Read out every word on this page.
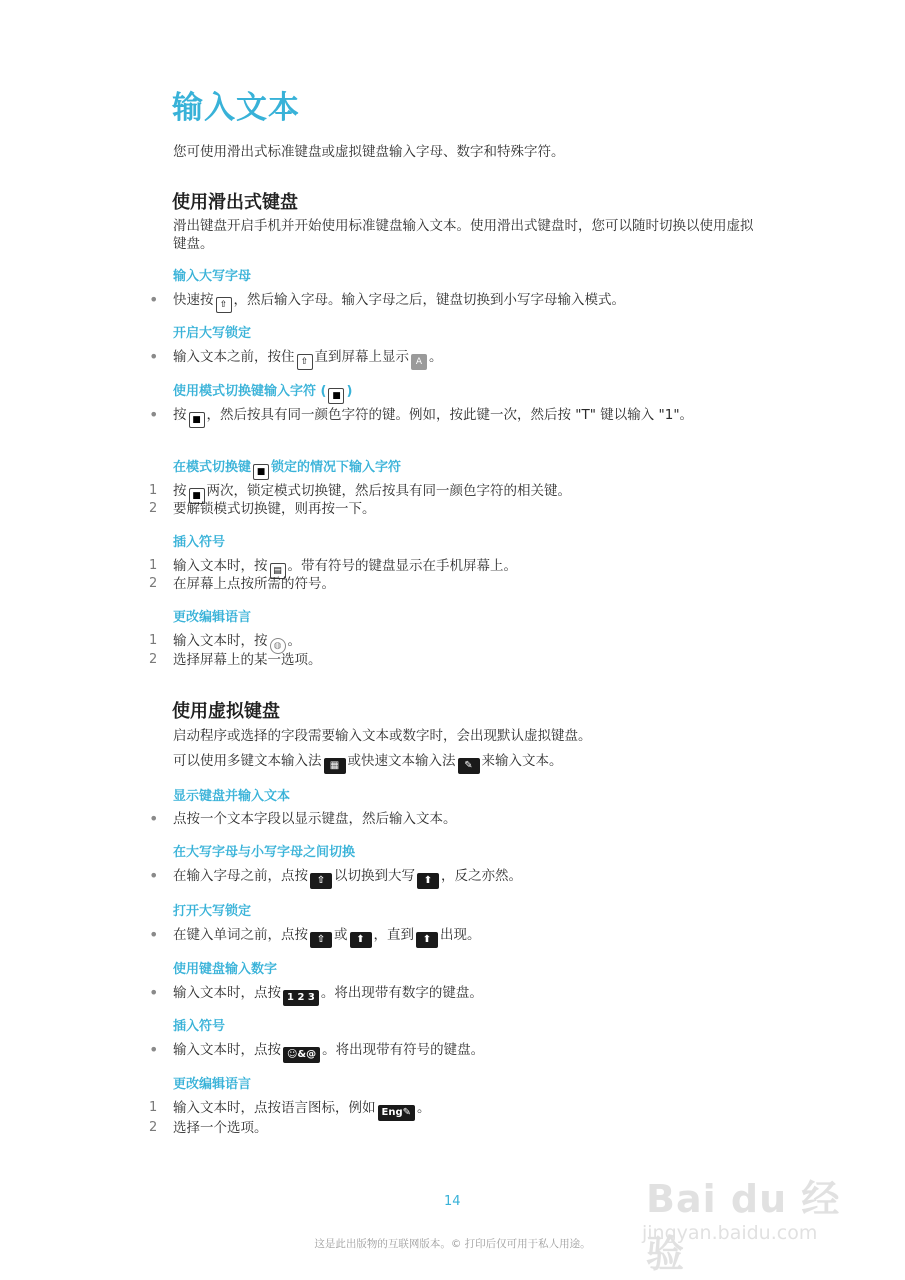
输入文本
您可使用滑出式标准键盘或虚拟键盘输入字母、数字和特殊字符。
使用滑出式键盘
滑出键盘开启手机并开始使用标准键盘输入文本。使用滑出式键盘时，您可以随时切换以使用虚拟键盘。
输入大写字母
•	快速按 ⇧ ，然后输入字母。输入字母之后，键盘切换到小写字母输入模式。
开启大写锁定
•	输入文本之前，按住 ⇧ 直到屏幕上显示 A 。
使用模式切换键输入字符 ( ■ )
•	按 ■ ，然后按具有同一颜色字符的键。例如，按此键一次，然后按 "T" 键以输入 "1"。
在模式切换键 ■ 锁定的情况下输入字符
1	按 ■ 两次，锁定模式切换键，然后按具有同一颜色字符的相关键。
2	要解锁模式切换键，则再按一下。
插入符号
1	输入文本时，按 ▤ 。带有符号的键盘显示在手机屏幕上。
2	在屏幕上点按所需的符号。
更改编辑语言
1	输入文本时，按 ◍ 。
2	选择屏幕上的某一选项。
使用虚拟键盘
启动程序或选择的字段需要输入文本或数字时，会出现默认虚拟键盘。
可以使用多键文本输入法 ▦ 或快速文本输入法 ✎ 来输入文本。
显示键盘并输入文本
•	点按一个文本字段以显示键盘，然后输入文本。
在大写字母与小写字母之间切换
•	在输入字母之前，点按 ⇧ 以切换到大写 ⬆ ，反之亦然。
打开大写锁定
•	在键入单词之前，点按 ⇧ 或 ⬆ ，直到 ⬆ 出现。
使用键盘输入数字
•	输入文本时，点按 1 2 3 。将出现带有数字的键盘。
插入符号
•	输入文本时，点按 ☺&@ 。将出现带有符号的键盘。
更改编辑语言
1	输入文本时，点按语言图标，例如 Eng✎ 。
2	选择一个选项。
14
这是此出版物的互联网版本。© 打印后仅可用于私人用途。
Bai du 经验
jingyan.baidu.com
